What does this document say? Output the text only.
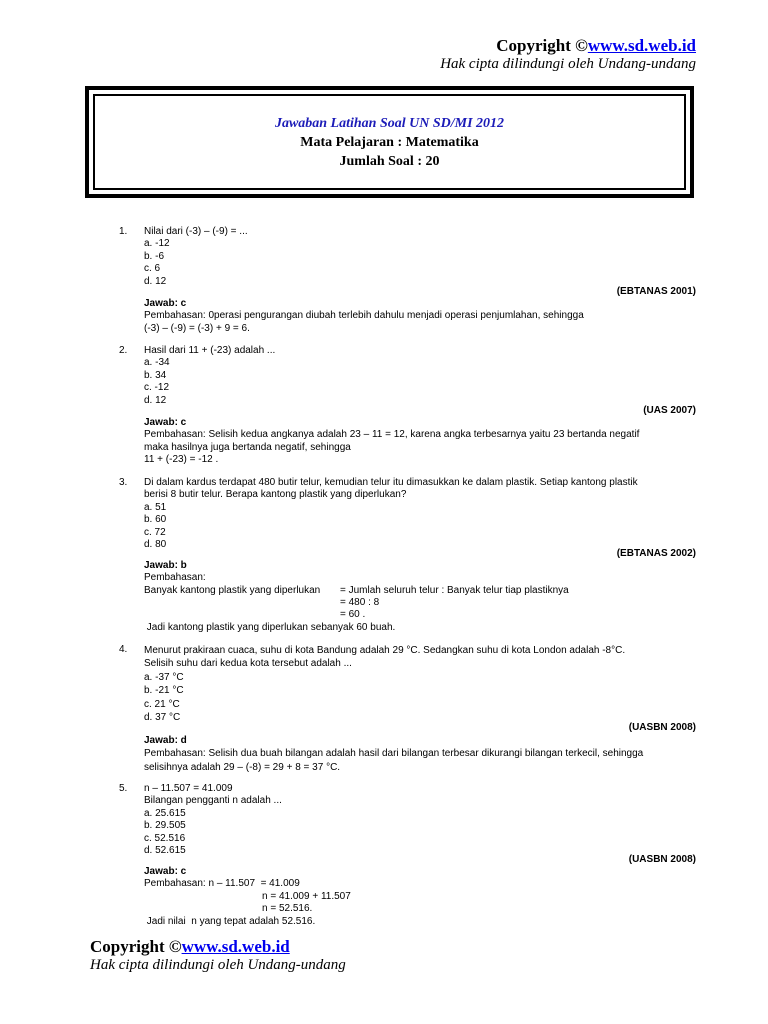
Copyright ©www.sd.web.id
Hak cipta dilindungi oleh Undang-undang
Jawaban Latihan Soal UN SD/MI 2012
Mata Pelajaran : Matematika
Jumlah Soal : 20
1. Nilai dari (-3) – (-9) = ...
a. -12
b. -6
c. 6
d. 12
(EBTANAS 2001)
Jawab: c
Pembahasan: 0perasi pengurangan diubah terlebih dahulu menjadi operasi penjumlahan, sehingga
(-3) – (-9) = (-3) + 9 = 6.
2. Hasil dari 11 + (-23) adalah ...
a. -34
b. 34
c. -12
d. 12
(UAS 2007)
Jawab: c
Pembahasan: Selisih kedua angkanya adalah 23 – 11 = 12, karena angka terbesarnya yaitu 23 bertanda negatif
maka hasilnya juga bertanda negatif, sehingga
11 + (-23) = -12 .
3. Di dalam kardus terdapat 480 butir telur, kemudian telur itu dimasukkan ke dalam plastik. Setiap kantong plastik
berisi 8 butir telur. Berapa kantong plastik yang diperlukan?
a. 51
b. 60
c. 72
d. 80
(EBTANAS 2002)
Jawab: b
Pembahasan:
Banyak kantong plastik yang diperlukan = Jumlah seluruh telur : Banyak telur tiap plastiknya
= 480 : 8
= 60 .
Jadi kantong plastik yang diperlukan sebanyak 60 buah.
4. Menurut prakiraan cuaca, suhu di kota Bandung adalah 29 °C. Sedangkan suhu di kota London adalah -8°C.
Selisih suhu dari kedua kota tersebut adalah ...
a. -37 °C
b. -21 °C
c. 21 °C
d. 37 °C
(UASBN 2008)
Jawab: d
Pembahasan: Selisih dua buah bilangan adalah hasil dari bilangan terbesar dikurangi bilangan terkecil, sehingga
selisihnya adalah 29 – (-8) = 29 + 8 = 37 °C.
5. n – 11.507 = 41.009
Bilangan pengganti n adalah ...
a. 25.615
b. 29.505
c. 52.516
d. 52.615
(UASBN 2008)
Jawab: c
Pembahasan: n – 11.507  = 41.009
n = 41.009 + 11.507
n = 52.516.
Jadi nilai  n yang tepat adalah 52.516.
Copyright ©www.sd.web.id
Hak cipta dilindungi oleh Undang-undang
